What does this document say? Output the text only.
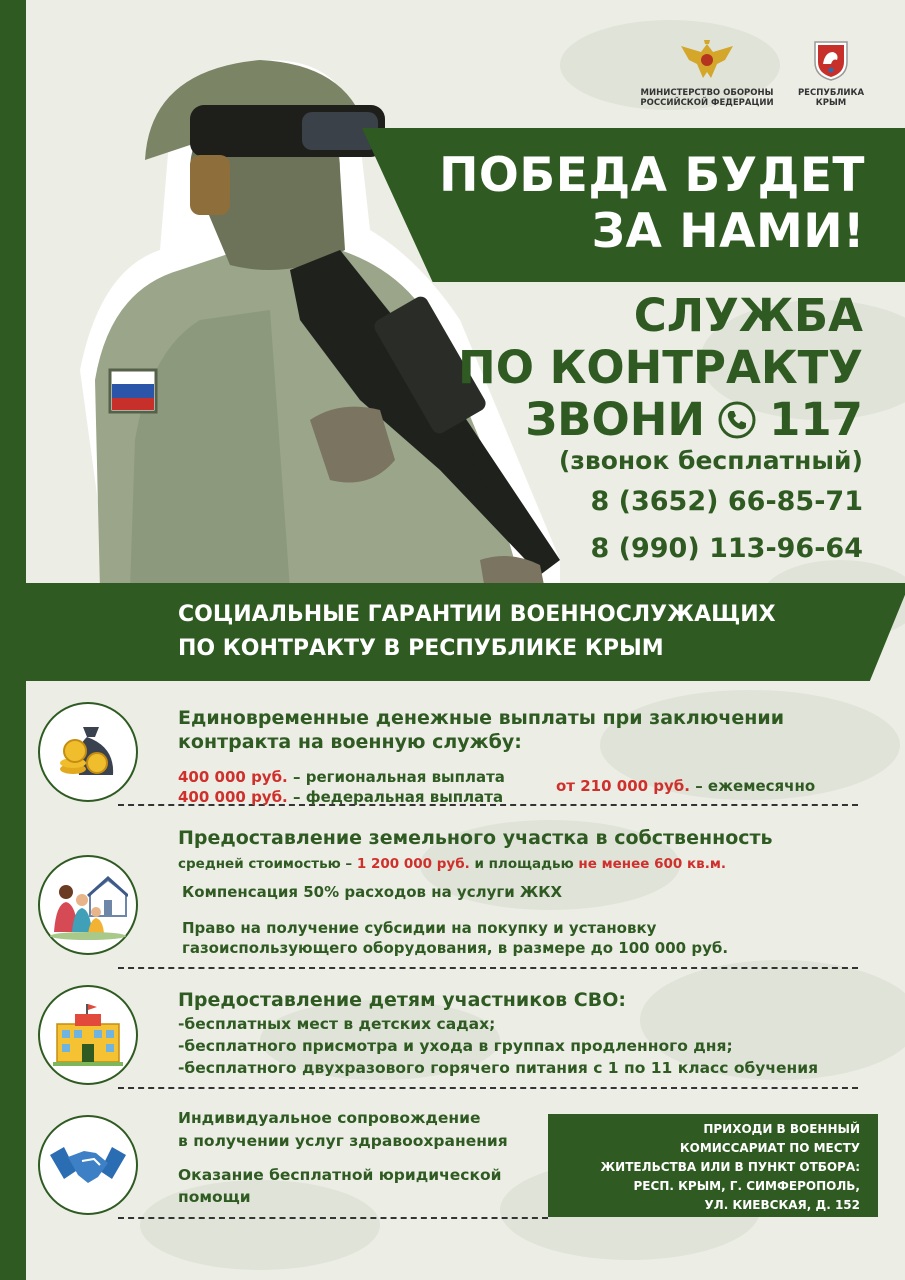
МИНИСТЕРСТВО ОБОРОНЫ
РОССИЙСКОЙ ФЕДЕРАЦИИ
РЕСПУБЛИКА
КРЫМ
ПОБЕДА БУДЕТ
ЗА НАМИ!
СЛУЖБА
ПО КОНТРАКТУ
ЗВОНИ 117
(звонок бесплатный)
8 (3652) 66-85-71
8 (990) 113-96-64
СОЦИАЛЬНЫЕ ГАРАНТИИ ВОЕННОСЛУЖАЩИХ
ПО КОНТРАКТУ В РЕСПУБЛИКЕ КРЫМ
Единовременные денежные выплаты при заключении
контракта на военную службу:
400 000 руб. – региональная выплата
400 000 руб. – федеральная выплата
от 210 000 руб. – ежемесячно
Предоставление земельного участка в собственность
средней стоимостью – 1 200 000 руб. и площадью не менее 600 кв.м.
Компенсация 50% расходов на услуги ЖКХ
Право на получение субсидии на покупку и установку
газоиспользующего оборудования, в размере до 100 000 руб.
Предоставление детям участников СВО:
-бесплатных мест в детских садах;
-бесплатного присмотра и ухода в группах продленного дня;
-бесплатного двухразового горячего питания с 1 по 11 класс обучения
Индивидуальное сопровождение
в получении услуг здравоохранения
Оказание бесплатной юридической
помощи
ПРИХОДИ В ВОЕННЫЙ
КОМИССАРИАТ ПО МЕСТУ
ЖИТЕЛЬСТВА ИЛИ В ПУНКТ ОТБОРА:
РЕСП. КРЫМ, Г. СИМФЕРОПОЛЬ,
УЛ. КИЕВСКАЯ, Д. 152
